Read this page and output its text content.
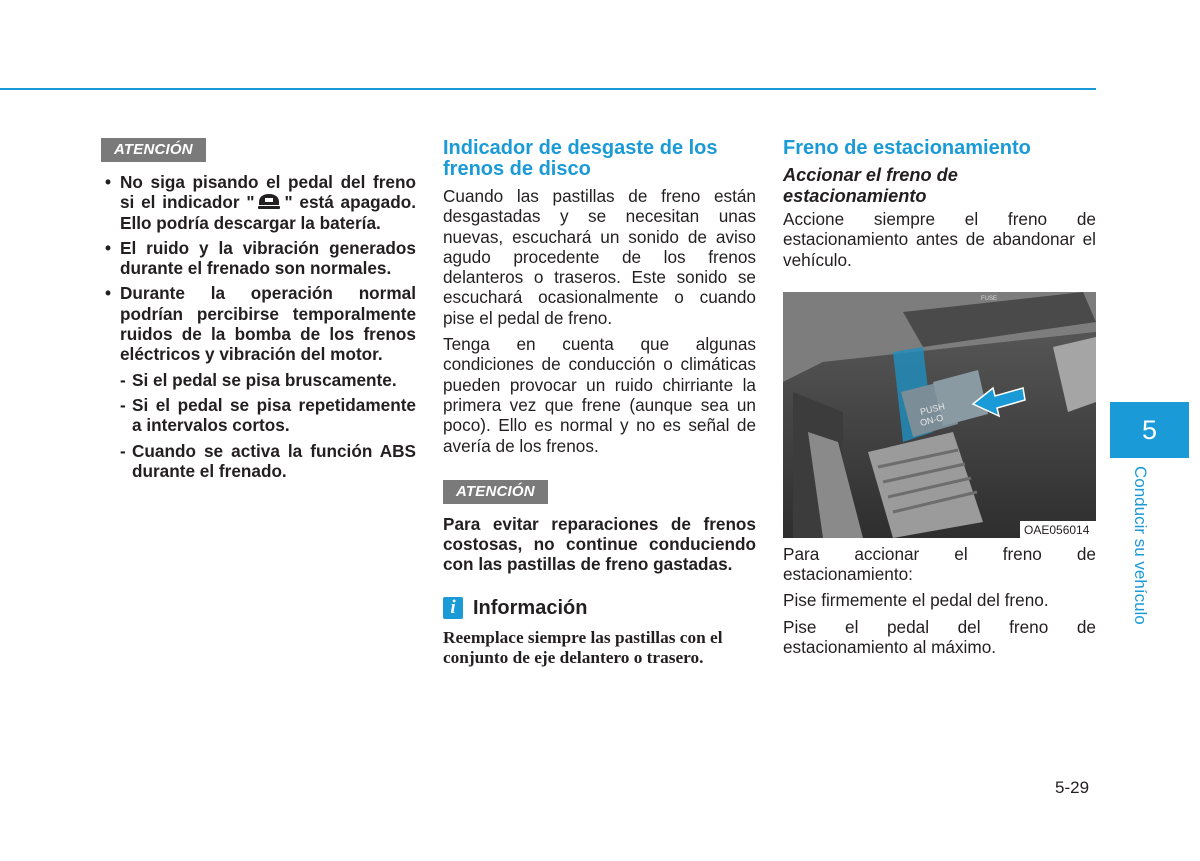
ATENCIÓN
• No siga pisando el pedal del freno si el indicador " " está apagado. Ello podría descargar la batería.
• El ruido y la vibración generados durante el frenado son normales.
• Durante la operación normal podrían percibirse temporalmente ruidos de la bomba de los frenos eléctricos y vibración del motor.
- Si el pedal se pisa bruscamente.
- Si el pedal se pisa repetidamente a intervalos cortos.
- Cuando se activa la función ABS durante el frenado.
Indicador de desgaste de los frenos de disco

Cuando las pastillas de freno están desgastadas y se necesitan unas nuevas, escuchará un sonido de aviso agudo procedente de los frenos delanteros o traseros. Este sonido se escuchará ocasionalmente o cuando pise el pedal de freno.

Tenga en cuenta que algunas condiciones de conducción o climáticas pueden provocar un ruido chirriante la primera vez que frene (aunque sea un poco). Ello es normal y no es señal de avería de los frenos.

ATENCIÓN

Para evitar reparaciones de frenos costosas, no continue conduciendo con las pastillas de freno gastadas.

i Información
Reemplace siempre las pastillas con el conjunto de eje delantero o trasero.
Freno de estacionamiento
Accionar el freno de estacionamiento

Accione siempre el freno de estacionamiento antes de abandonar el vehículo.

PUSH
ON-O
FUSE
OAE056014

Para accionar el freno de estacionamiento:

Pise firmemente el pedal del freno.

Pise el pedal del freno de estacionamiento al máximo.

5
Conducir su vehículo
5-29
